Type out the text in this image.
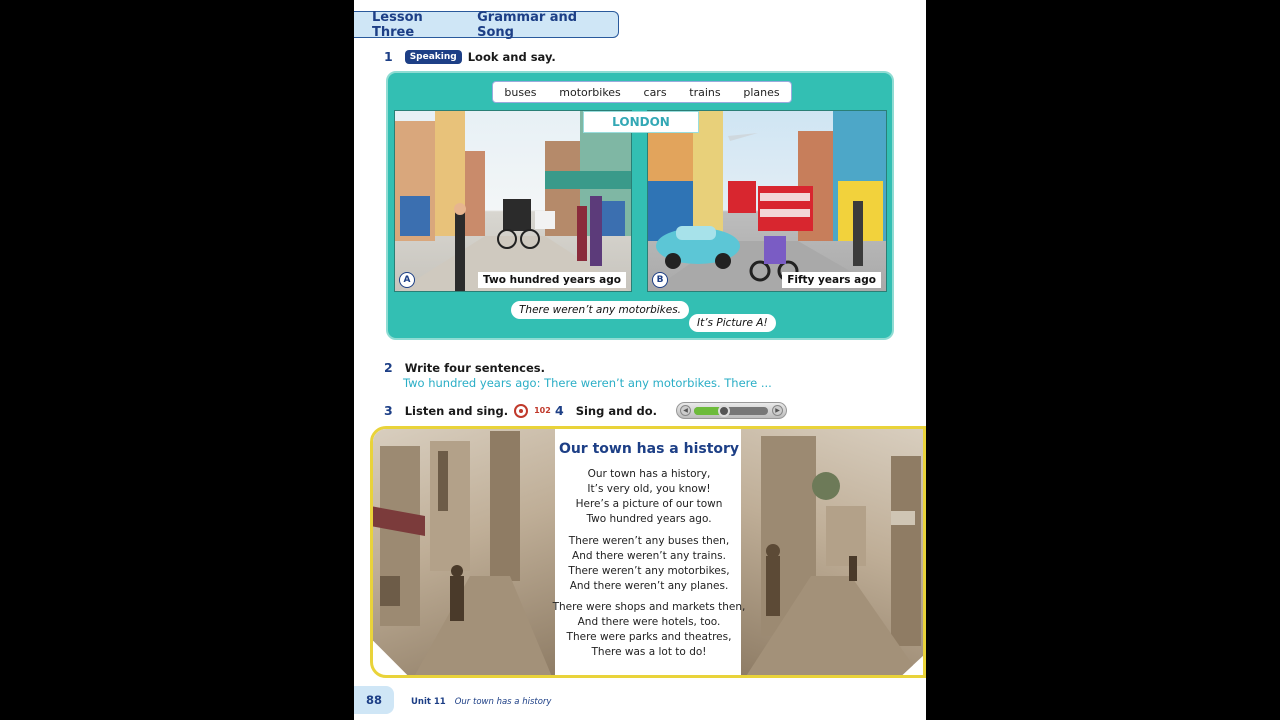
Lesson Three
Grammar and Song
1	Speaking Look and say.
buses motorbikes cars trains planes
A	Two hundred years ago	B	Fifty years ago
LONDON
There weren’t any motorbikes.
It’s Picture A!
2 Write four sentences.
Two hundred years ago: There weren’t any motorbikes. There ...
3 Listen and sing.	102 4 Sing and do.	◀	▶
Our town has a history
Our town has a history,
It’s very old, you know!
Here’s a picture of our town
Two hundred years ago.
There weren’t any buses then,
And there weren’t any trains.
There weren’t any motorbikes,
And there weren’t any planes.
There were shops and markets then,
And there were hotels, too.
There were parks and theatres,
There was a lot to do!
88	Unit 11 Our town has a history
